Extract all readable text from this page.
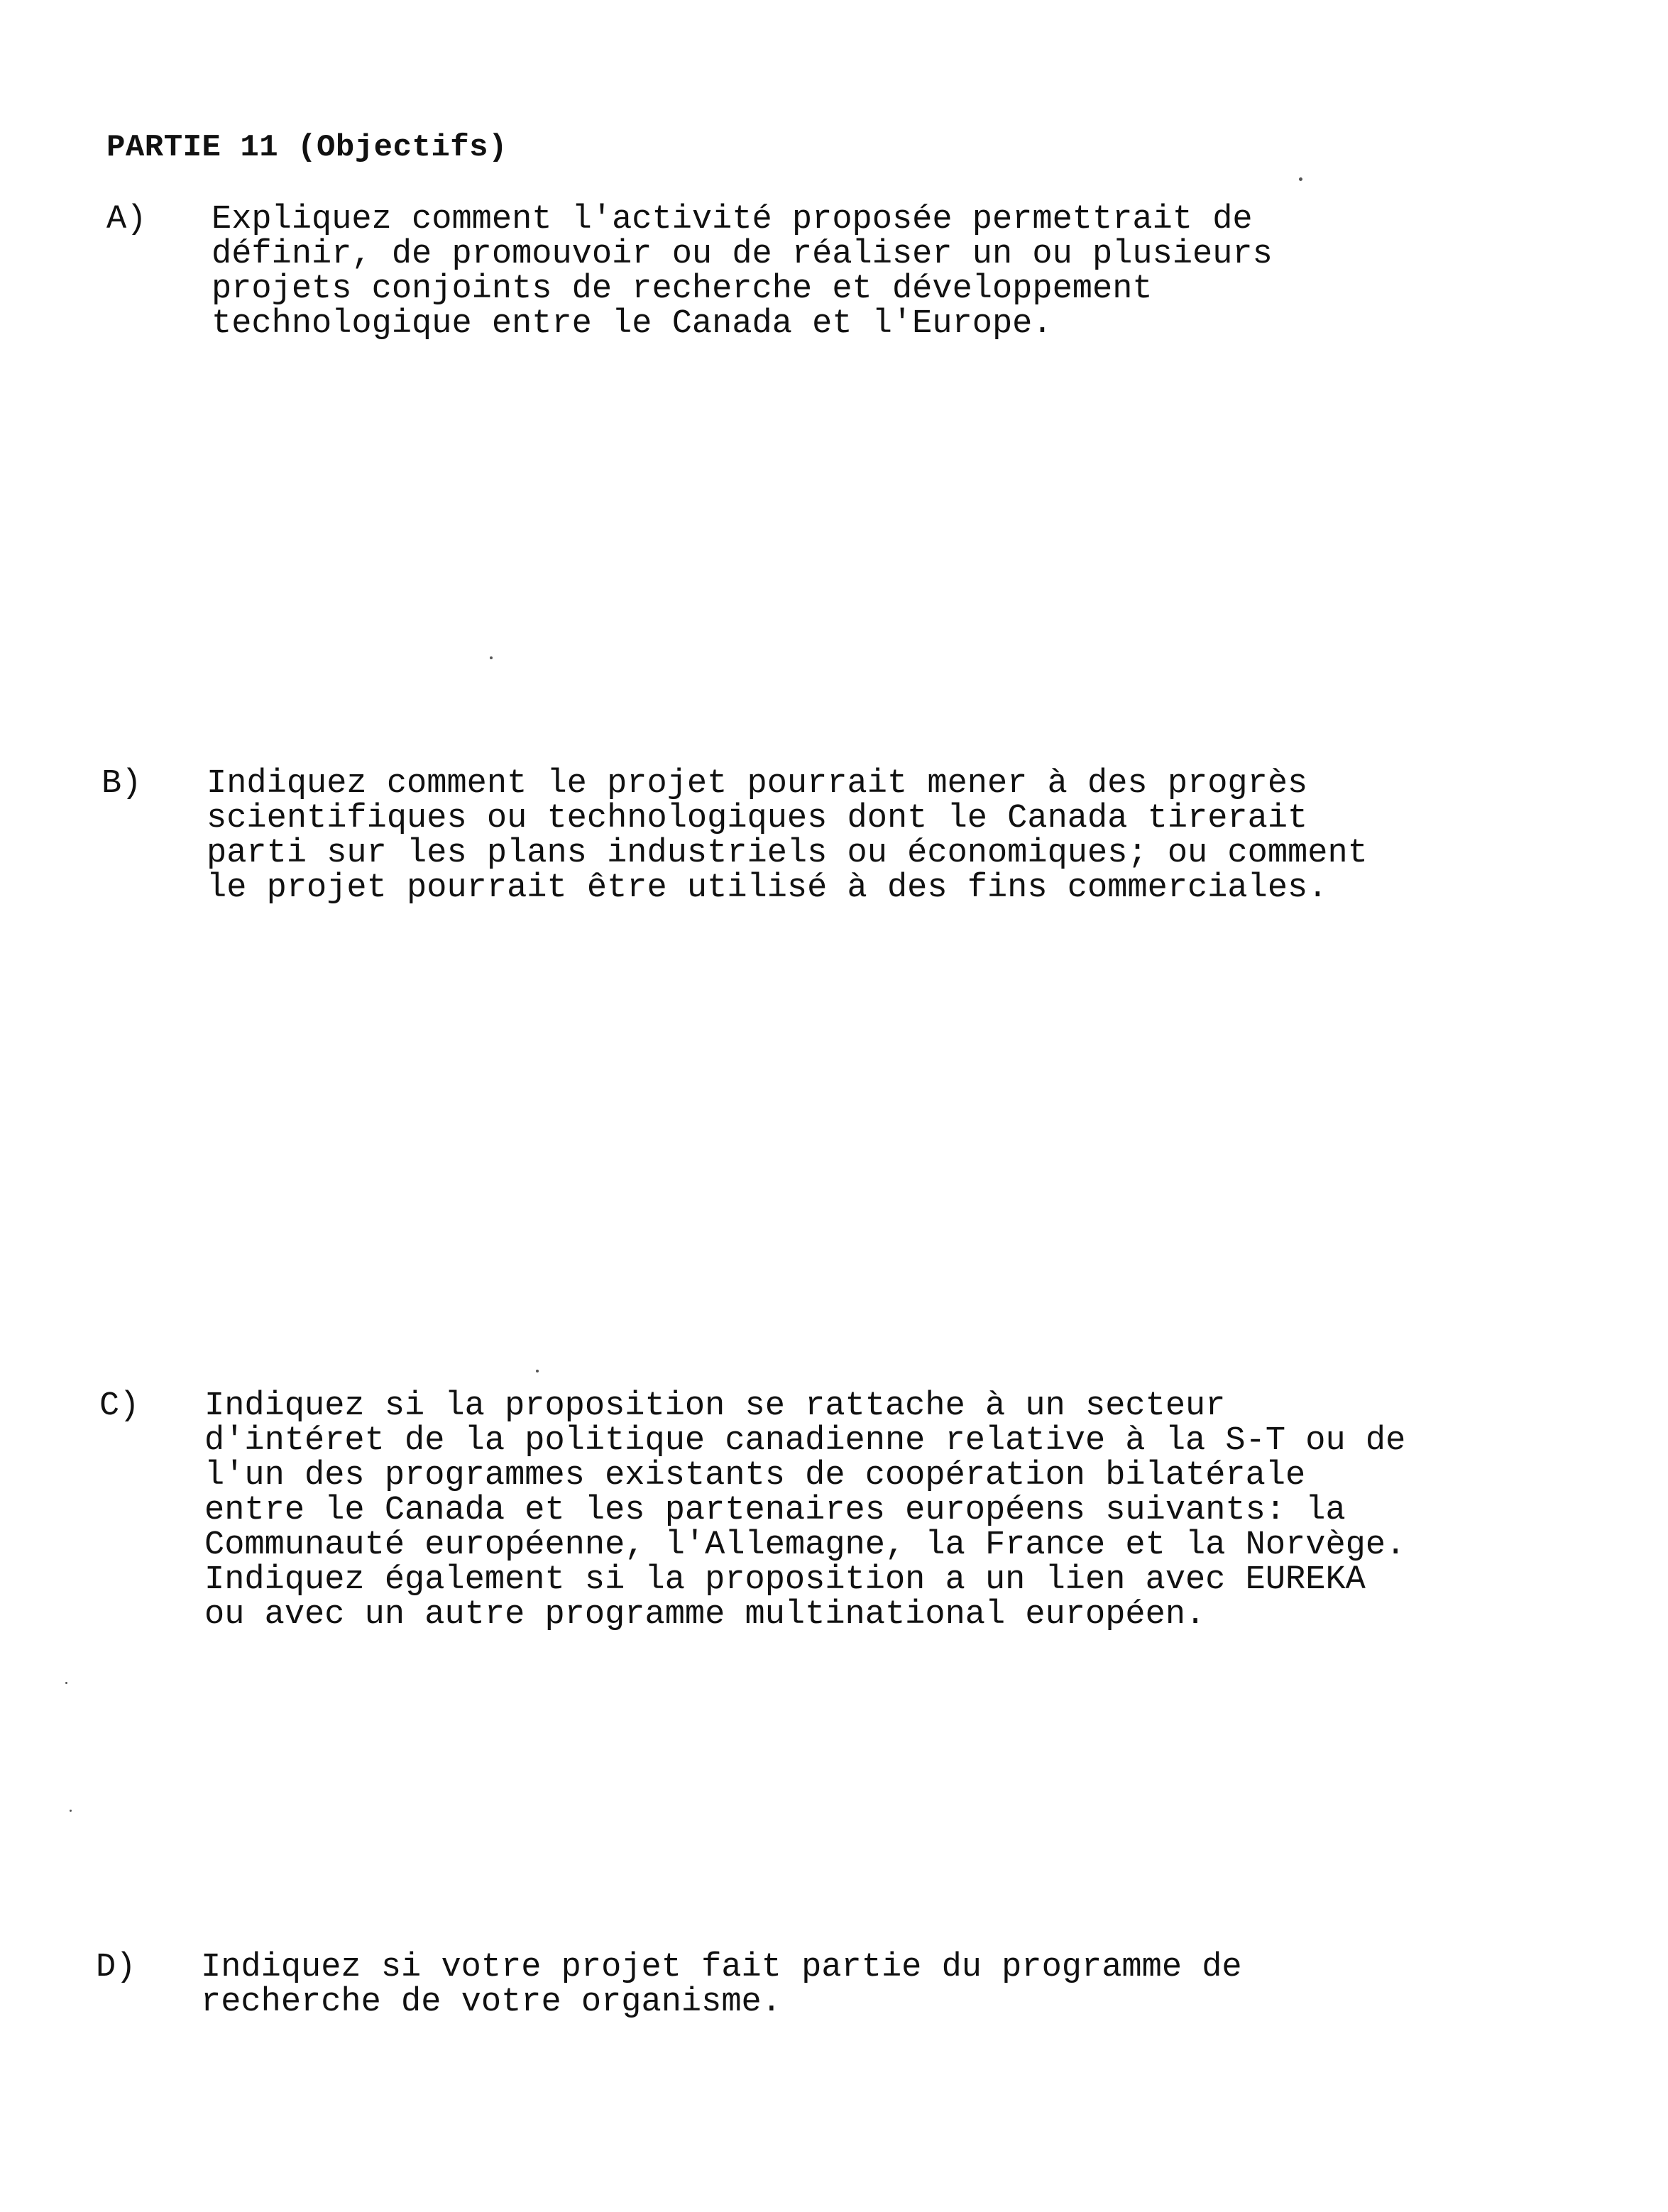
PARTIE 11 (Objectifs)
A) Expliquez comment l'activité proposée permettrait de
définir, de promouvoir ou de réaliser un ou plusieurs
projets conjoints de recherche et développement
technologique entre le Canada et l'Europe.
B) Indiquez comment le projet pourrait mener à des progrès
scientifiques ou technologiques dont le Canada tirerait
parti sur les plans industriels ou économiques; ou comment
le projet pourrait être utilisé à des fins commerciales.
C) Indiquez si la proposition se rattache à un secteur
d'intéret de la politique canadienne relative à la S-T ou de
l'un des programmes existants de coopération bilatérale
entre le Canada et les partenaires européens suivants: la
Communauté européenne, l'Allemagne, la France et la Norvège.
Indiquez également si la proposition a un lien avec EUREKA
ou avec un autre programme multinational européen.
D) Indiquez si votre projet fait partie du programme de
recherche de votre organisme.
